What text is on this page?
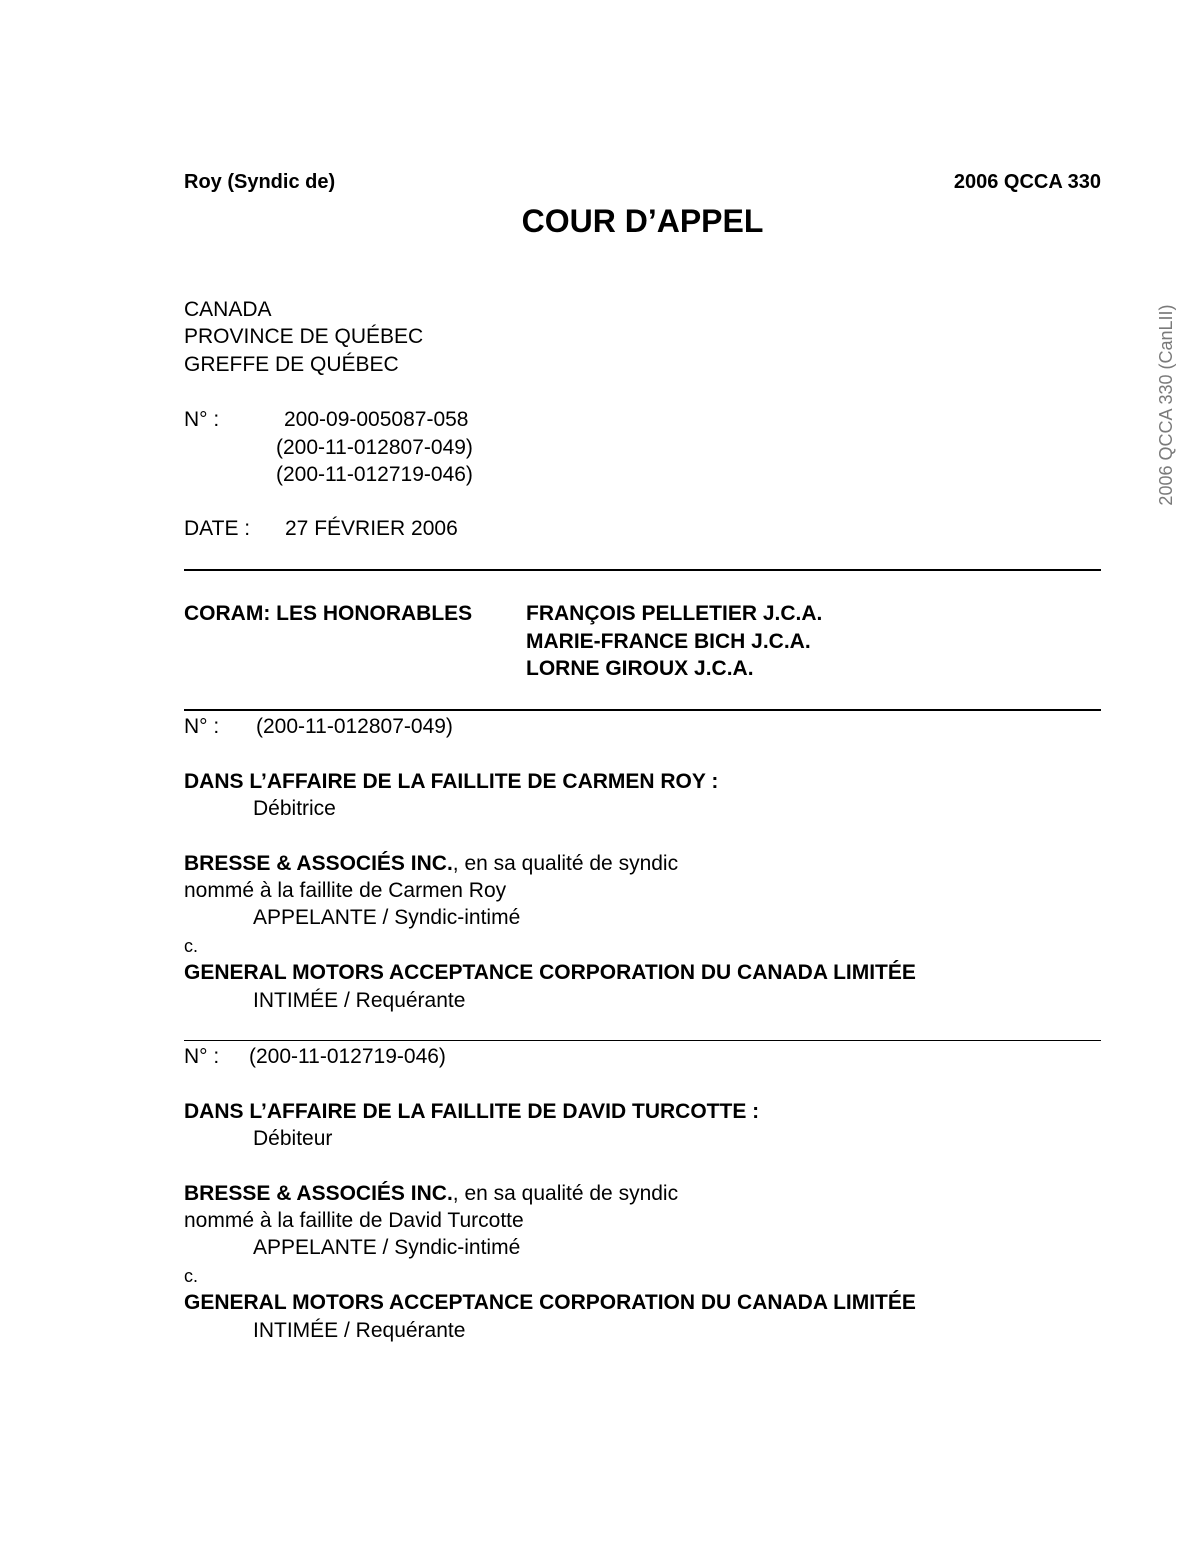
Roy (Syndic de)	2006 QCCA 330
COUR D’APPEL
2006 QCCA 330 (CanLII)
CANADA
PROVINCE DE QUÉBEC
GREFFE DE QUÉBEC
N° :	200-09-005087-058
(200-11-012807-049)
(200-11-012719-046)
DATE : 27 FÉVRIER 2006
CORAM: LES HONORABLES	FRANÇOIS PELLETIER J.C.A.
MARIE-FRANCE BICH J.C.A.
LORNE GIROUX J.C.A.
N° : (200-11-012807-049)
DANS L’AFFAIRE DE LA FAILLITE DE CARMEN ROY :
Débitrice
BRESSE & ASSOCIÉS INC., en sa qualité de syndic
nommé à la faillite de Carmen Roy
APPELANTE / Syndic-intimé
c.
GENERAL MOTORS ACCEPTANCE CORPORATION DU CANADA LIMITÉE
INTIMÉE / Requérante
N° : (200-11-012719-046)
DANS L’AFFAIRE DE LA FAILLITE DE DAVID TURCOTTE :
Débiteur
BRESSE & ASSOCIÉS INC., en sa qualité de syndic
nommé à la faillite de David Turcotte
APPELANTE / Syndic-intimé
c.
GENERAL MOTORS ACCEPTANCE CORPORATION DU CANADA LIMITÉE
INTIMÉE / Requérante
